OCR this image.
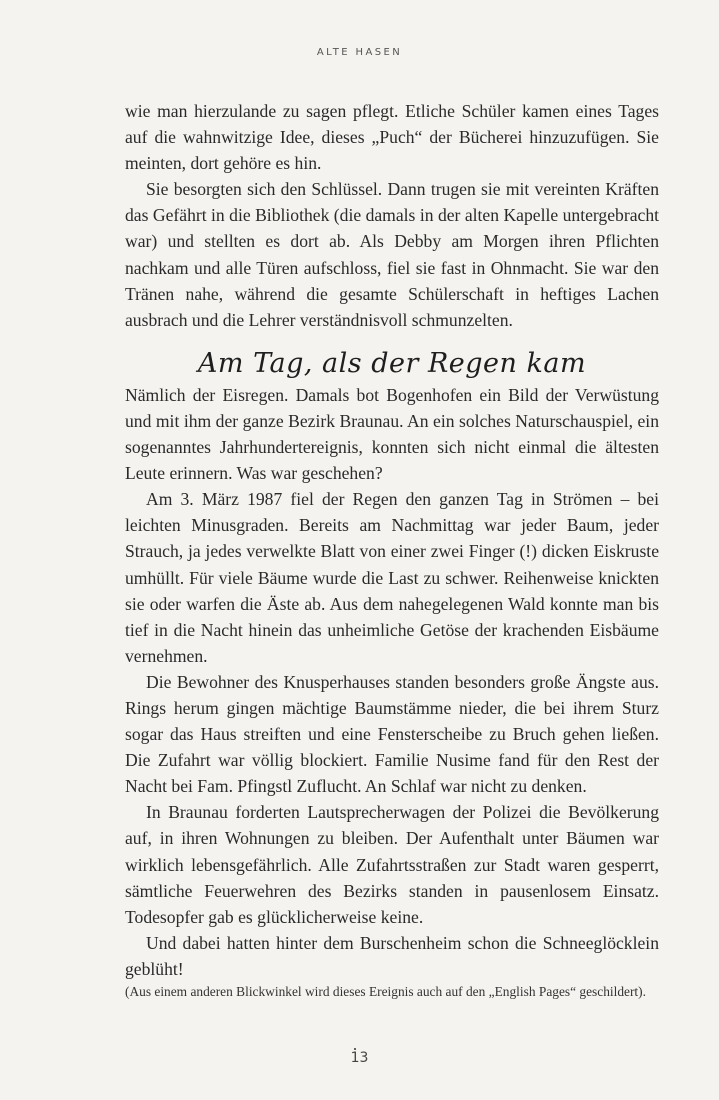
ALTE HASEN

wie man hierzulande zu sagen pflegt. Etliche Schüler kamen eines Tages auf die wahnwitzige Idee, dieses „Puch“ der Bücherei hinzuzufügen. Sie meinten, dort gehöre es hin.

Sie besorgten sich den Schlüssel. Dann trugen sie mit vereinten Kräften das Gefährt in die Bibliothek (die damals in der alten Kapelle untergebracht war) und stellten es dort ab. Als Debby am Morgen ihren Pflichten nachkam und alle Türen aufschloss, fiel sie fast in Ohnmacht. Sie war den Tränen nahe, während die gesamte Schülerschaft in heftiges Lachen ausbrach und die Lehrer verständnisvoll schmunzelten.

Am Tag, als der Regen kam

Nämlich der Eisregen. Damals bot Bogenhofen ein Bild der Verwüstung und mit ihm der ganze Bezirk Braunau. An ein solches Naturschauspiel, ein sogenanntes Jahrhundertereignis, konnten sich nicht einmal die ältesten Leute erinnern. Was war geschehen?

Am 3. März 1987 fiel der Regen den ganzen Tag in Strömen – bei leichten Minusgraden. Bereits am Nachmittag war jeder Baum, jeder Strauch, ja jedes verwelkte Blatt von einer zwei Finger (!) dicken Eiskruste umhüllt. Für viele Bäume wurde die Last zu schwer. Reihenweise knickten sie oder warfen die Äste ab. Aus dem nahegelegenen Wald konnte man bis tief in die Nacht hinein das unheimliche Getöse der krachenden Eisbäume vernehmen.

Die Bewohner des Knusperhauses standen besonders große Ängste aus. Rings herum gingen mächtige Baumstämme nieder, die bei ihrem Sturz sogar das Haus streiften und eine Fensterscheibe zu Bruch gehen ließen. Die Zufahrt war völlig blockiert. Familie Nusime fand für den Rest der Nacht bei Fam. Pfingstl Zuflucht. An Schlaf war nicht zu denken.

In Braunau forderten Lautsprecherwagen der Polizei die Bevölkerung auf, in ihren Wohnungen zu bleiben. Der Aufenthalt unter Bäumen war wirklich lebensgefährlich. Alle Zufahrtsstraßen zur Stadt waren gesperrt, sämtliche Feuerwehren des Bezirks standen in pausenlosem Einsatz. Todesopfer gab es glücklicherweise keine.

Und dabei hatten hinter dem Burschenheim schon die Schneeglöcklein geblüht!

(Aus einem anderen Blickwinkel wird dieses Ereignis auch auf den „English Pages“ geschildert).

13
